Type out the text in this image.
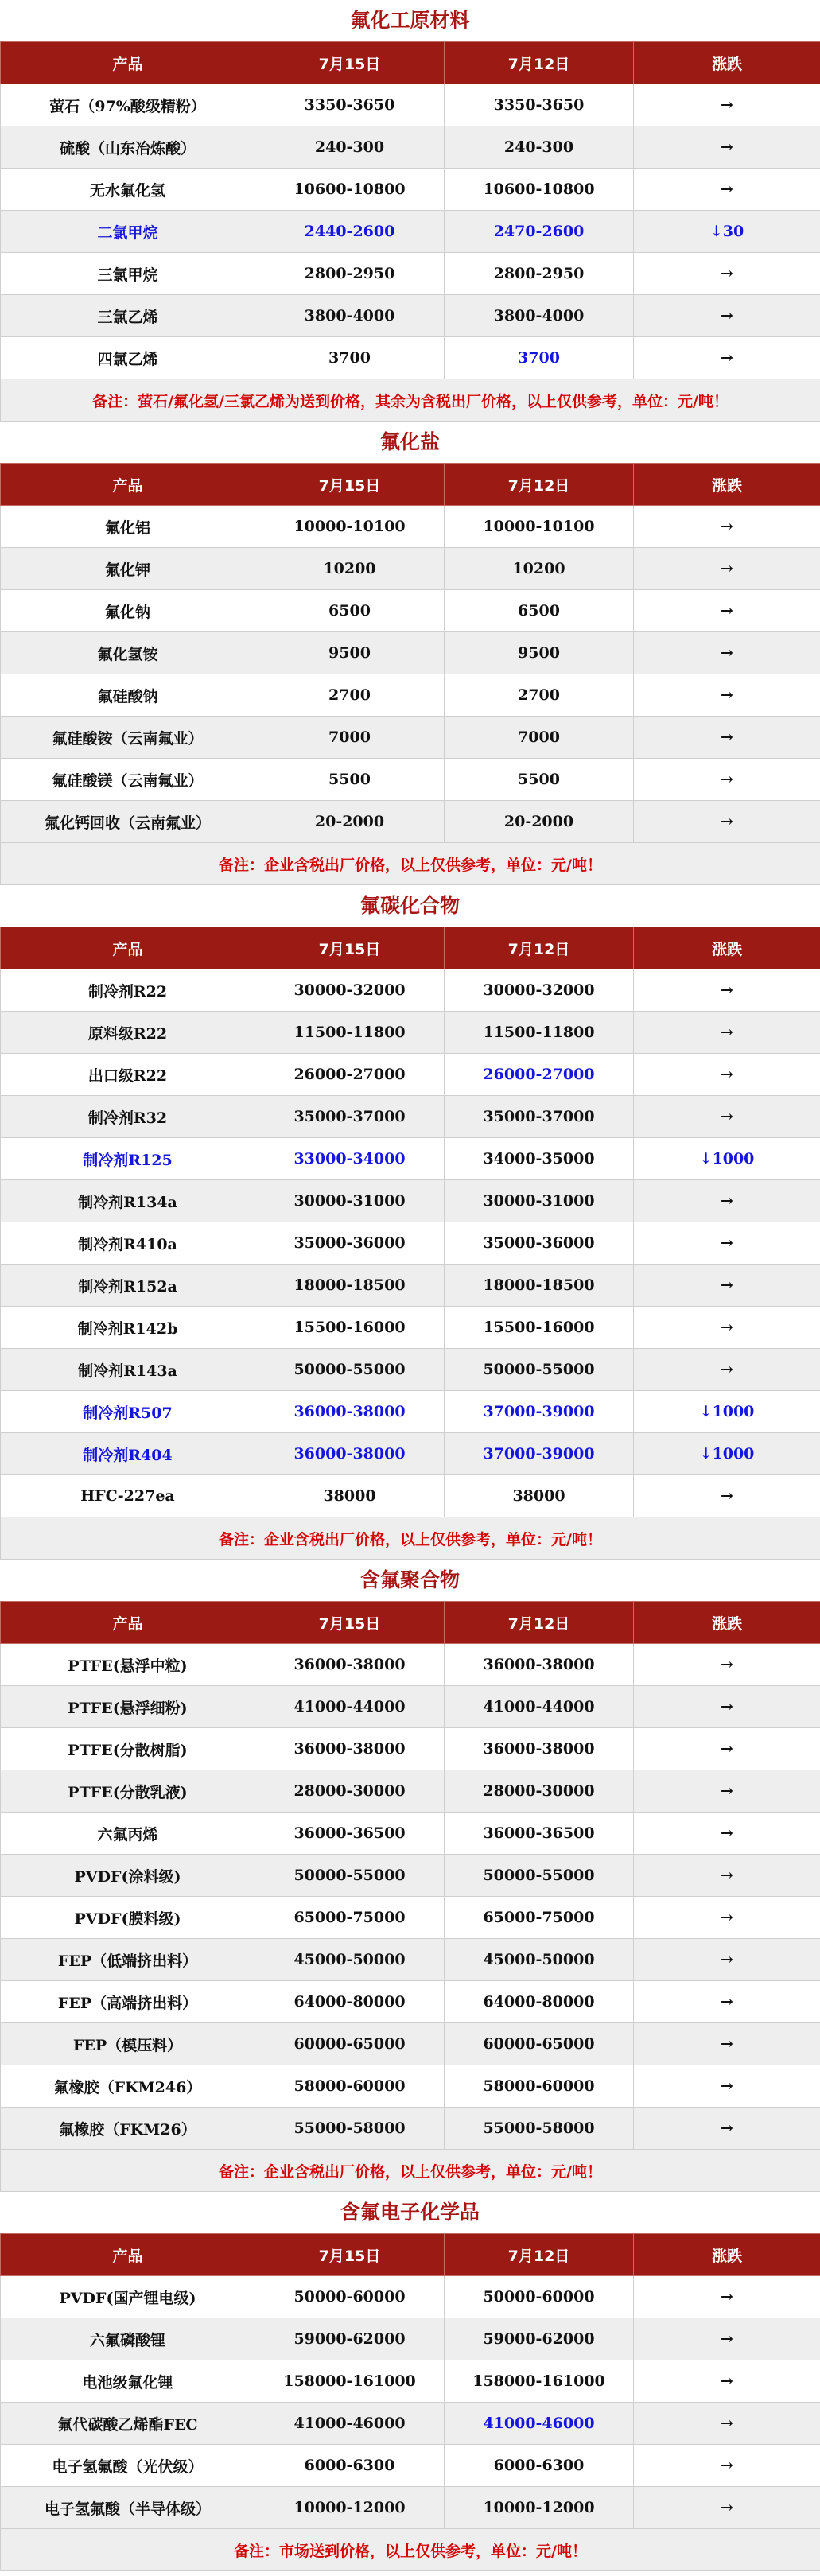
氟化工原材料
产品	7月15日	7月12日	涨跌
萤石（97%酸级精粉）	3350-3650	3350-3650	→
硫酸（山东冶炼酸）	240-300	240-300	→
无水氟化氢	10600-10800	10600-10800	→
二氯甲烷	2440-2600	2470-2600	↓30
三氯甲烷	2800-2950	2800-2950	→
三氯乙烯	3800-4000	3800-4000	→
四氯乙烯	3700	3700	→
备注：萤石/氟化氢/三氯乙烯为送到价格，其余为含税出厂价格，以上仅供参考，单位：元/吨！			
氟化盐
产品	7月15日	7月12日	涨跌
氟化铝	10000-10100	10000-10100	→
氟化钾	10200	10200	→
氟化钠	6500	6500	→
氟化氢铵	9500	9500	→
氟硅酸钠	2700	2700	→
氟硅酸铵（云南氟业）	7000	7000	→
氟硅酸镁（云南氟业）	5500	5500	→
氟化钙回收（云南氟业）	20-2000	20-2000	→
备注：企业含税出厂价格，以上仅供参考，单位：元/吨！			
氟碳化合物
产品	7月15日	7月12日	涨跌
制冷剂R22	30000-32000	30000-32000	→
原料级R22	11500-11800	11500-11800	→
出口级R22	26000-27000	26000-27000	→
制冷剂R32	35000-37000	35000-37000	→
制冷剂R125	33000-34000	34000-35000	↓1000
制冷剂R134a	30000-31000	30000-31000	→
制冷剂R410a	35000-36000	35000-36000	→
制冷剂R152a	18000-18500	18000-18500	→
制冷剂R142b	15500-16000	15500-16000	→
制冷剂R143a	50000-55000	50000-55000	→
制冷剂R507	36000-38000	37000-39000	↓1000
制冷剂R404	36000-38000	37000-39000	↓1000
HFC-227ea	38000	38000	→
备注：企业含税出厂价格，以上仅供参考，单位：元/吨！			
含氟聚合物
产品	7月15日	7月12日	涨跌
PTFE(悬浮中粒)	36000-38000	36000-38000	→
PTFE(悬浮细粉)	41000-44000	41000-44000	→
PTFE(分散树脂)	36000-38000	36000-38000	→
PTFE(分散乳液)	28000-30000	28000-30000	→
六氟丙烯	36000-36500	36000-36500	→
PVDF(涂料级)	50000-55000	50000-55000	→
PVDF(膜料级)	65000-75000	65000-75000	→
FEP（低端挤出料）	45000-50000	45000-50000	→
FEP（高端挤出料）	64000-80000	64000-80000	→
FEP（模压料）	60000-65000	60000-65000	→
氟橡胶（FKM246）	58000-60000	58000-60000	→
氟橡胶（FKM26）	55000-58000	55000-58000	→
备注：企业含税出厂价格，以上仅供参考，单位：元/吨！			
含氟电子化学品
产品	7月15日	7月12日	涨跌
PVDF(国产锂电级)	50000-60000	50000-60000	→
六氟磷酸锂	59000-62000	59000-62000	→
电池级氟化锂	158000-161000	158000-161000	→
氟代碳酸乙烯酯FEC	41000-46000	41000-46000	→
电子氢氟酸（光伏级）	6000-6300	6000-6300	→
电子氢氟酸（半导体级）	10000-12000	10000-12000	→
备注：市场送到价格，以上仅供参考，单位：元/吨！			
